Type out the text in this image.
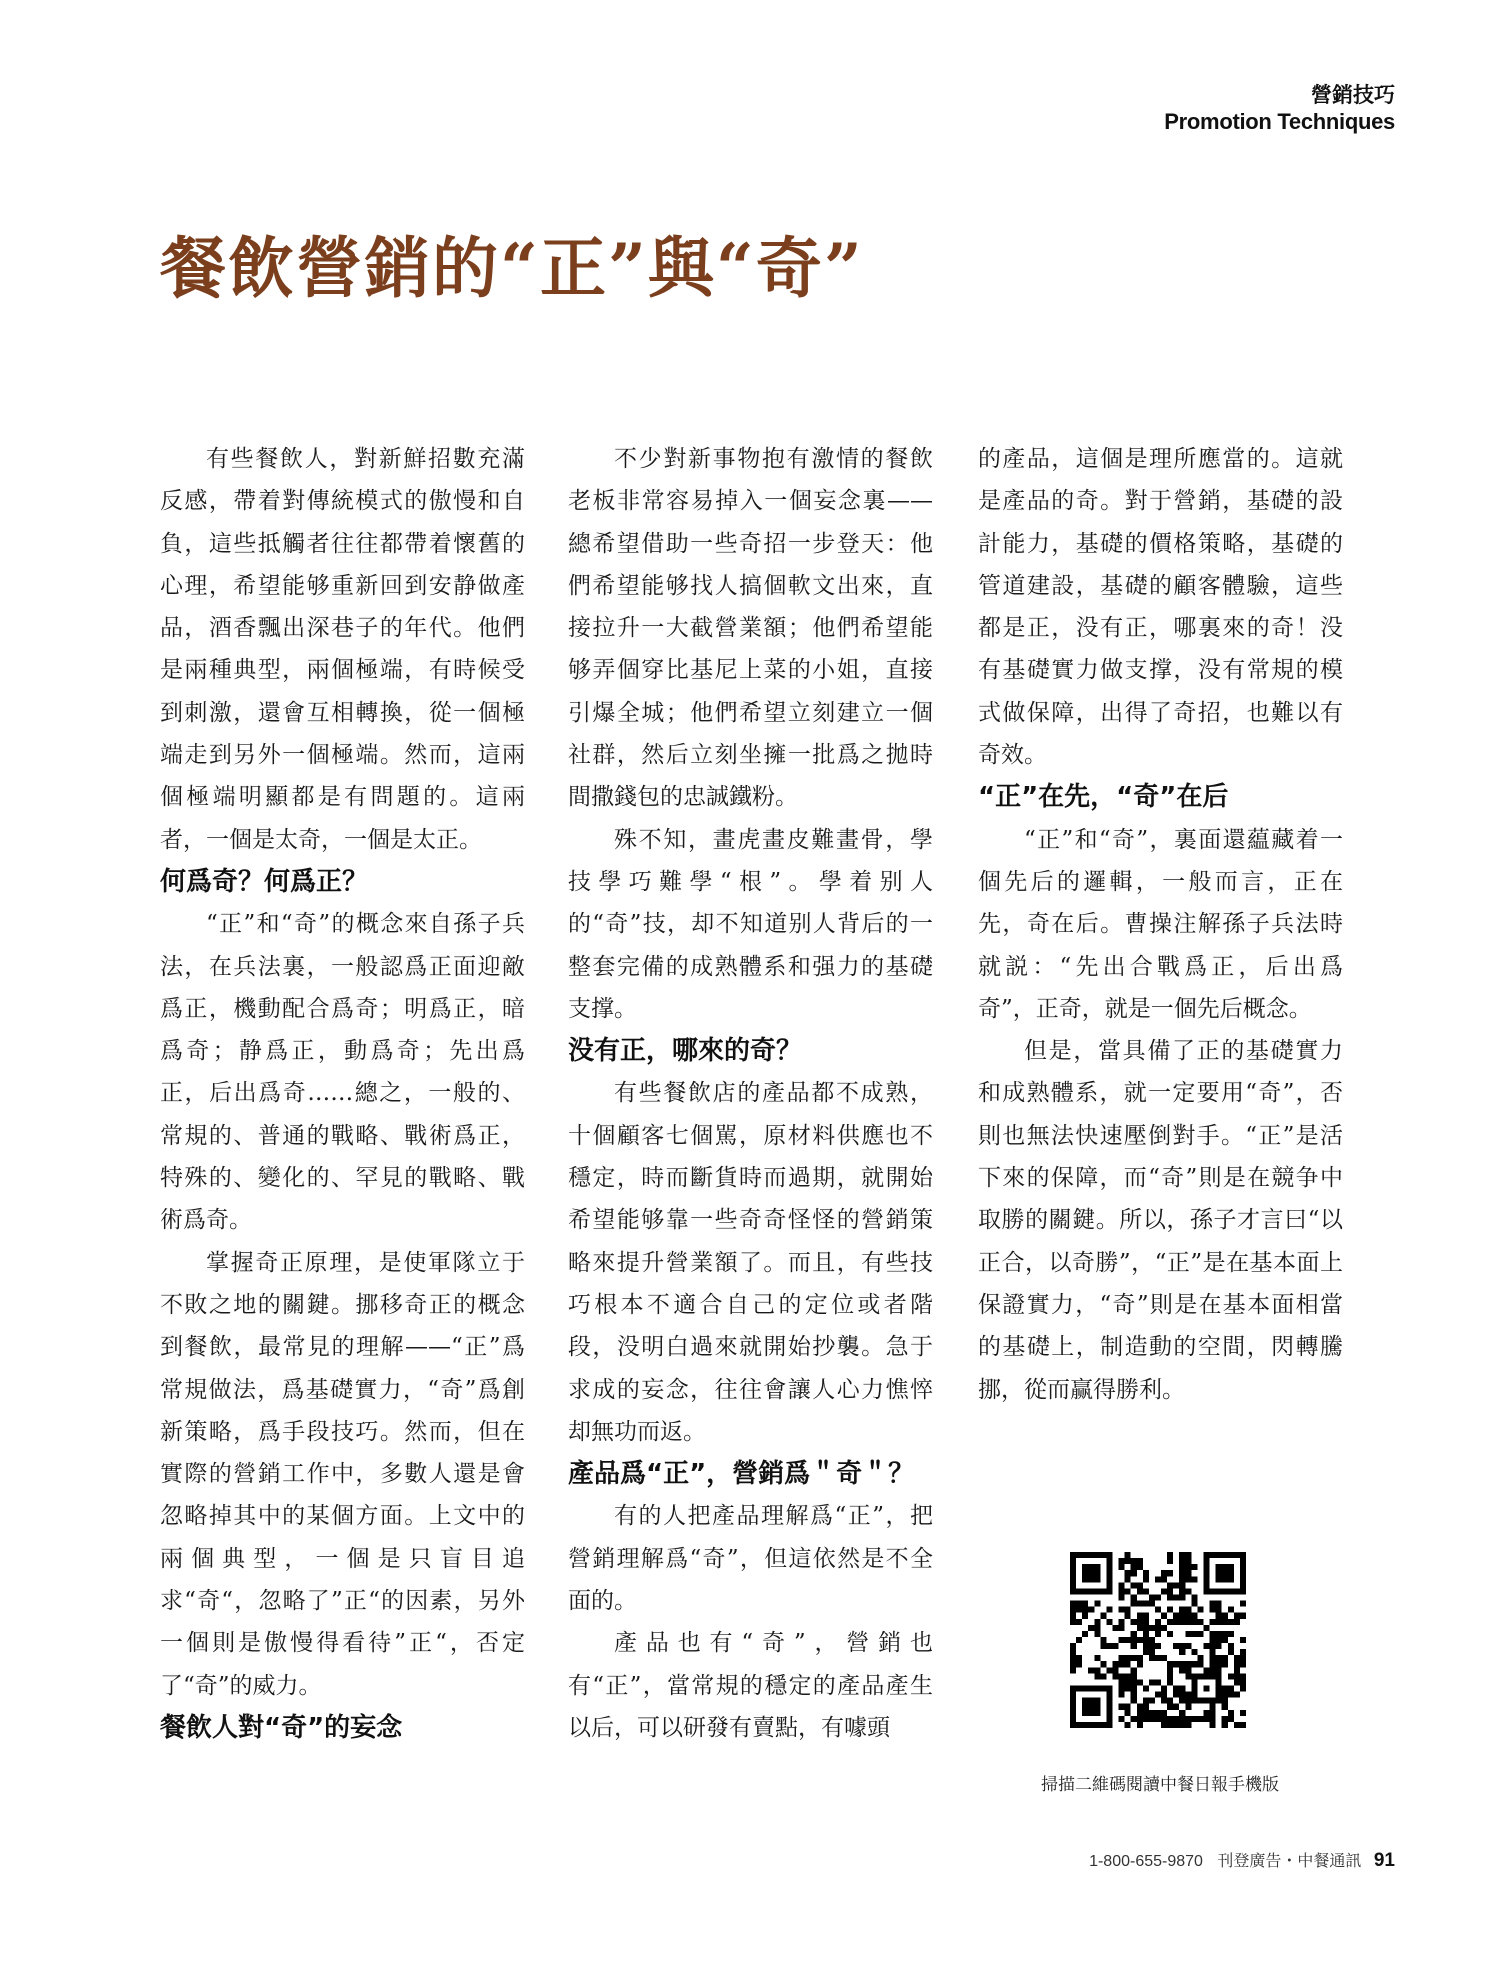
營銷技巧
Promotion Techniques
餐飲營銷的“正”與“奇”

有些餐飲人，對新鮮招數充滿反感，帶着對傳統模式的傲慢和自負，這些抵觸者往往都帶着懷舊的心理，希望能够重新回到安静做產品，酒香飄出深巷子的年代。他們是兩種典型，兩個極端，有時候受到刺激，還會互相轉換，從一個極端走到另外一個極端。然而，這兩個極端明顯都是有問題的。這兩者，一個是太奇，一個是太正。

何爲奇？何爲正？

“正”和“奇”的概念來自孫子兵法，在兵法裏，一般認爲正面迎敵爲正，機動配合爲奇；明爲正，暗爲奇；静爲正，動爲奇；先出爲正，后出爲奇……總之，一般的、常規的、普通的戰略、戰術爲正，特殊的、變化的、罕見的戰略、戰術爲奇。

掌握奇正原理，是使軍隊立于不敗之地的關鍵。挪移奇正的概念到餐飲，最常見的理解——“正”爲常規做法，爲基礎實力，“奇”爲創新策略，爲手段技巧。然而，但在實際的營銷工作中，多數人還是會忽略掉其中的某個方面。上文中的兩個典型，一個是只盲目追求“奇“，忽略了”正“的因素，另外一個則是傲慢得看待”正“，否定了“奇”的威力。

餐飲人對“奇”的妄念

不少對新事物抱有激情的餐飲老板非常容易掉入一個妄念裏——總希望借助一些奇招一步登天：他們希望能够找人搞個軟文出來，直接拉升一大截營業額；他們希望能够弄個穿比基尼上菜的小姐，直接引爆全城；他們希望立刻建立一個社群，然后立刻坐擁一批爲之拋時間撒錢包的忠誠鐵粉。

殊不知，畫虎畫皮難畫骨，學技學巧難學“根”。學着别人的“奇”技，却不知道别人背后的一整套完備的成熟體系和强力的基礎支撑。

没有正，哪來的奇？

有些餐飲店的產品都不成熟，十個顧客七個駡，原材料供應也不穩定，時而斷貨時而過期，就開始希望能够靠一些奇奇怪怪的營銷策略來提升營業額了。而且，有些技巧根本不適合自己的定位或者階段，没明白過來就開始抄襲。急于求成的妄念，往往會讓人心力憔悴却無功而返。

產品爲“正”，營銷爲＂奇＂？

有的人把產品理解爲“正”，把營銷理解爲“奇”，但這依然是不全面的。

產品也有“奇”，營銷也有“正”，當常規的穩定的產品產生以后，可以研發有賣點，有噱頭

的產品，這個是理所應當的。這就是產品的奇。對于營銷，基礎的設計能力，基礎的價格策略，基礎的管道建設，基礎的顧客體驗，這些都是正，没有正，哪裏來的奇！没有基礎實力做支撑，没有常規的模式做保障，出得了奇招，也難以有奇效。

“正”在先，“奇”在后

“正”和“奇”，裏面還藴藏着一個先后的邏輯，一般而言，正在先，奇在后。曹操注解孫子兵法時就説：“先出合戰爲正，后出爲奇”，正奇，就是一個先后概念。

但是，當具備了正的基礎實力和成熟體系，就一定要用“奇”，否則也無法快速壓倒對手。“正”是活下來的保障，而“奇”則是在競争中取勝的關鍵。所以，孫子才言曰“以正合，以奇勝”，“正”是在基本面上保證實力，“奇”則是在基本面相當的基礎上，制造動的空間，閃轉騰挪，從而赢得勝利。

掃描二維碼閱讀中餐日報手機版
1-800-655-9870 刊登廣告・中餐通訊 91
